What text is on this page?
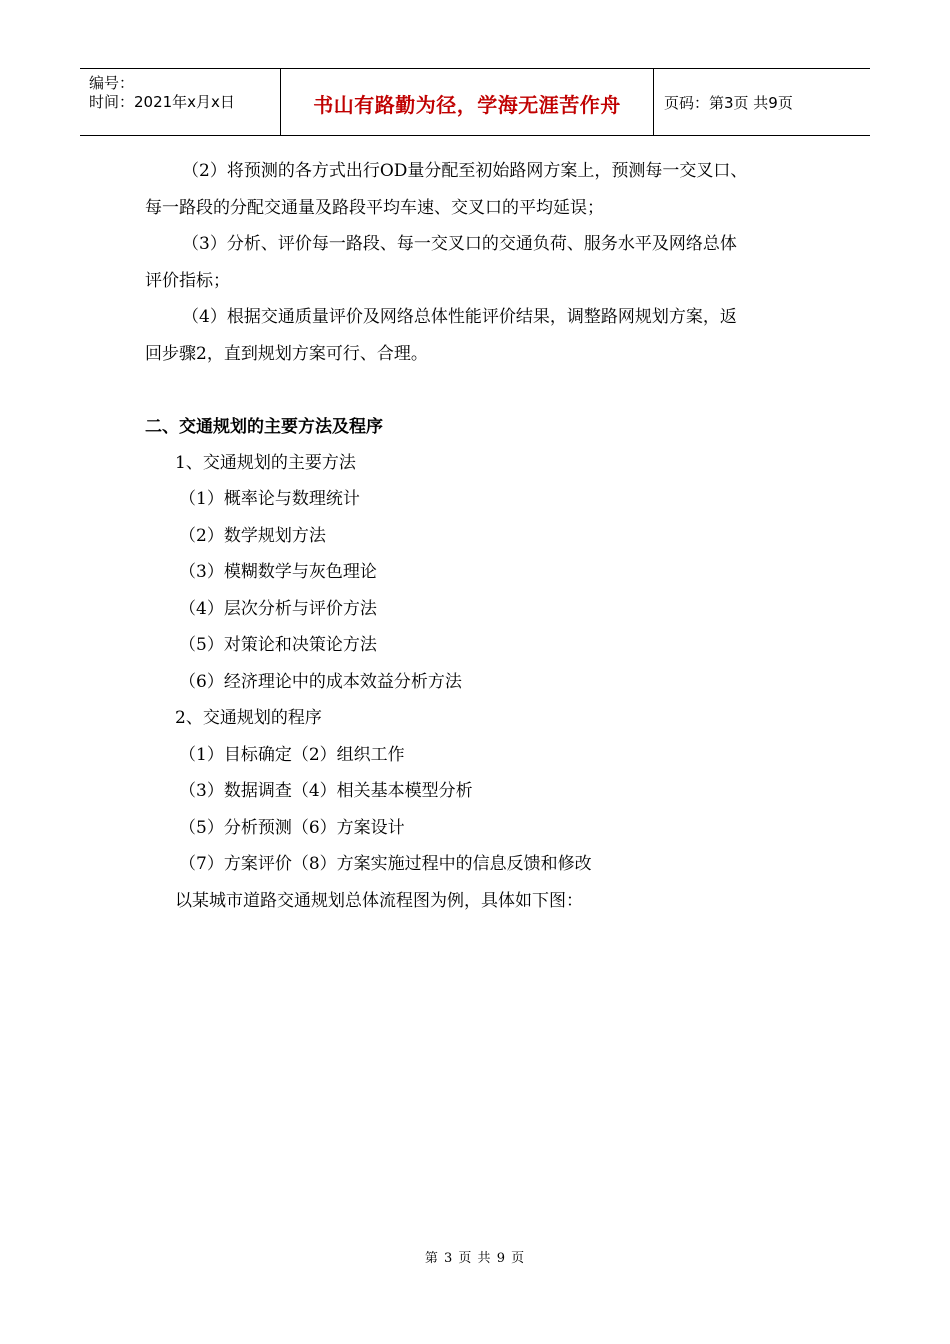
编号：
时间：2021年x月x日	书山有路勤为径，学海无涯苦作舟	页码：第3页 共9页
（2）将预测的各方式出行OD量分配至初始路网方案上，预测每一交叉口、
每一路段的分配交通量及路段平均车速、交叉口的平均延误；
（3）分析、评价每一路段、每一交叉口的交通负荷、服务水平及网络总体
评价指标；
（4）根据交通质量评价及网络总体性能评价结果，调整路网规划方案，返
回步骤2，直到规划方案可行、合理。
二、交通规划的主要方法及程序
1、交通规划的主要方法
（1）概率论与数理统计
（2）数学规划方法
（3）模糊数学与灰色理论
（4）层次分析与评价方法
（5）对策论和决策论方法
（6）经济理论中的成本效益分析方法
2、交通规划的程序
（1）目标确定（2）组织工作
（3）数据调查（4）相关基本模型分析
（5）分析预测（6）方案设计
（7）方案评价（8）方案实施过程中的信息反馈和修改
以某城市道路交通规划总体流程图为例，具体如下图：
第 3 页 共 9 页
